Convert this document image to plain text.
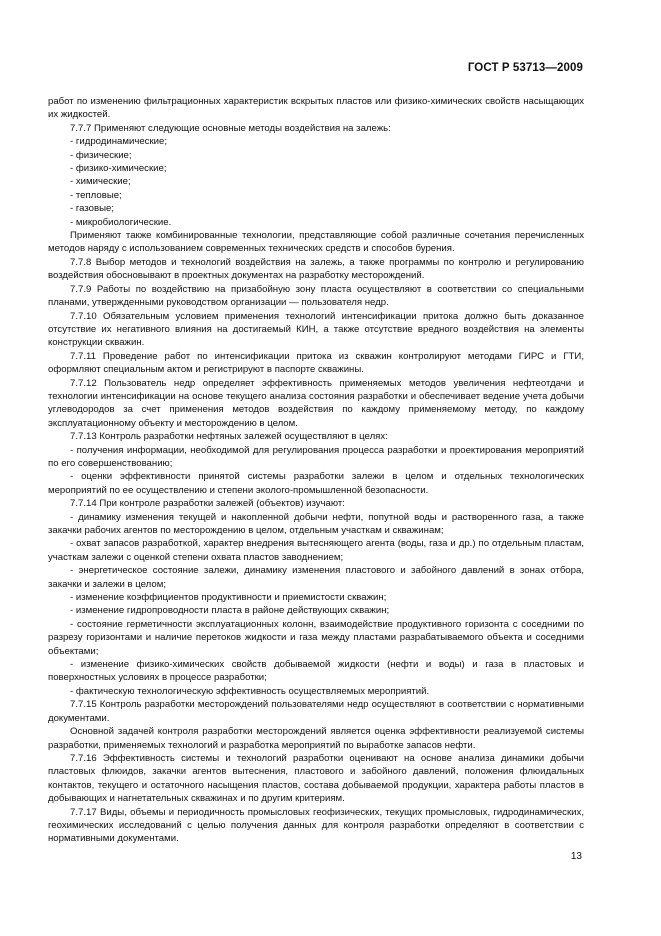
ГОСТ Р 53713—2009

работ по изменению фильтрационных характеристик вскрытых пластов или физико-химических свойств насыщающих их жидкостей.

7.7.7 Применяют следующие основные методы воздействия на залежь:

- гидродинамические;

- физические;

- физико-химические;

- химические;

- тепловые;

- газовые;

- микробиологические.

Применяют также комбинированные технологии, представляющие собой различные сочетания перечисленных методов наряду с использованием современных технических средств и способов бурения.

7.7.8 Выбор методов и технологий воздействия на залежь, а также программы по контролю и регулированию воздействия обосновывают в проектных документах на разработку месторождений.

7.7.9 Работы по воздействию на призабойную зону пласта осуществляют в соответствии со специальными планами, утвержденными руководством организации — пользователя недр.

7.7.10 Обязательным условием применения технологий интенсификации притока должно быть доказанное отсутствие их негативного влияния на достигаемый КИН, а также отсутствие вредного воздействия на элементы конструкции скважин.

7.7.11 Проведение работ по интенсификации притока из скважин контролируют методами ГИРС и ГТИ, оформляют специальным актом и регистрируют в паспорте скважины.

7.7.12 Пользователь недр определяет эффективность применяемых методов увеличения нефтеотдачи и технологии интенсификации на основе текущего анализа состояния разработки и обеспечивает ведение учета добычи углеводородов за счет применения методов воздействия по каждому применяемому методу, по каждому эксплуатационному объекту и месторождению в целом.

7.7.13 Контроль разработки нефтяных залежей осуществляют в целях:

- получения информации, необходимой для регулирования процесса разработки и проектирования мероприятий по его совершенствованию;

- оценки эффективности принятой системы разработки залежи в целом и отдельных технологических мероприятий по ее осуществлению и степени эколого-промышленной безопасности.

7.7.14 При контроле разработки залежей (объектов) изучают:

- динамику изменения текущей и накопленной добычи нефти, попутной воды и растворенного газа, а также закачки рабочих агентов по месторождению в целом, отдельным участкам и скважинам;

- охват запасов разработкой, характер внедрения вытесняющего агента (воды, газа и др.) по отдельным пластам, участкам залежи с оценкой степени охвата пластов заводнением;

- энергетическое состояние залежи, динамику изменения пластового и забойного давлений в зонах отбора, закачки и залежи в целом;

- изменение коэффициентов продуктивности и приемистости скважин;

- изменение гидропроводности пласта в районе действующих скважин;

- состояние герметичности эксплуатационных колонн, взаимодействие продуктивного горизонта с соседними по разрезу горизонтами и наличие перетоков жидкости и газа между пластами разрабатываемого объекта и соседними объектами;

- изменение физико-химических свойств добываемой жидкости (нефти и воды) и газа в пластовых и поверхностных условиях в процессе разработки;

- фактическую технологическую эффективность осуществляемых мероприятий.

7.7.15 Контроль разработки месторождений пользователями недр осуществляют в соответствии с нормативными документами.

Основной задачей контроля разработки месторождений является оценка эффективности реализуемой системы разработки, применяемых технологий и разработка мероприятий по выработке запасов нефти.

7.7.16 Эффективность системы и технологий разработки оценивают на основе анализа динамики добычи пластовых флюидов, закачки агентов вытеснения, пластового и забойного давлений, положения флюидальных контактов, текущего и остаточного насыщения пластов, состава добываемой продукции, характера работы пластов в добывающих и нагнетательных скважинах и по другим критериям.

7.7.17 Виды, объемы и периодичность промысловых геофизических, текущих промысловых, гидродинамических, геохимических исследований с целью получения данных для контроля разработки определяют в соответствии с нормативными документами.

13
